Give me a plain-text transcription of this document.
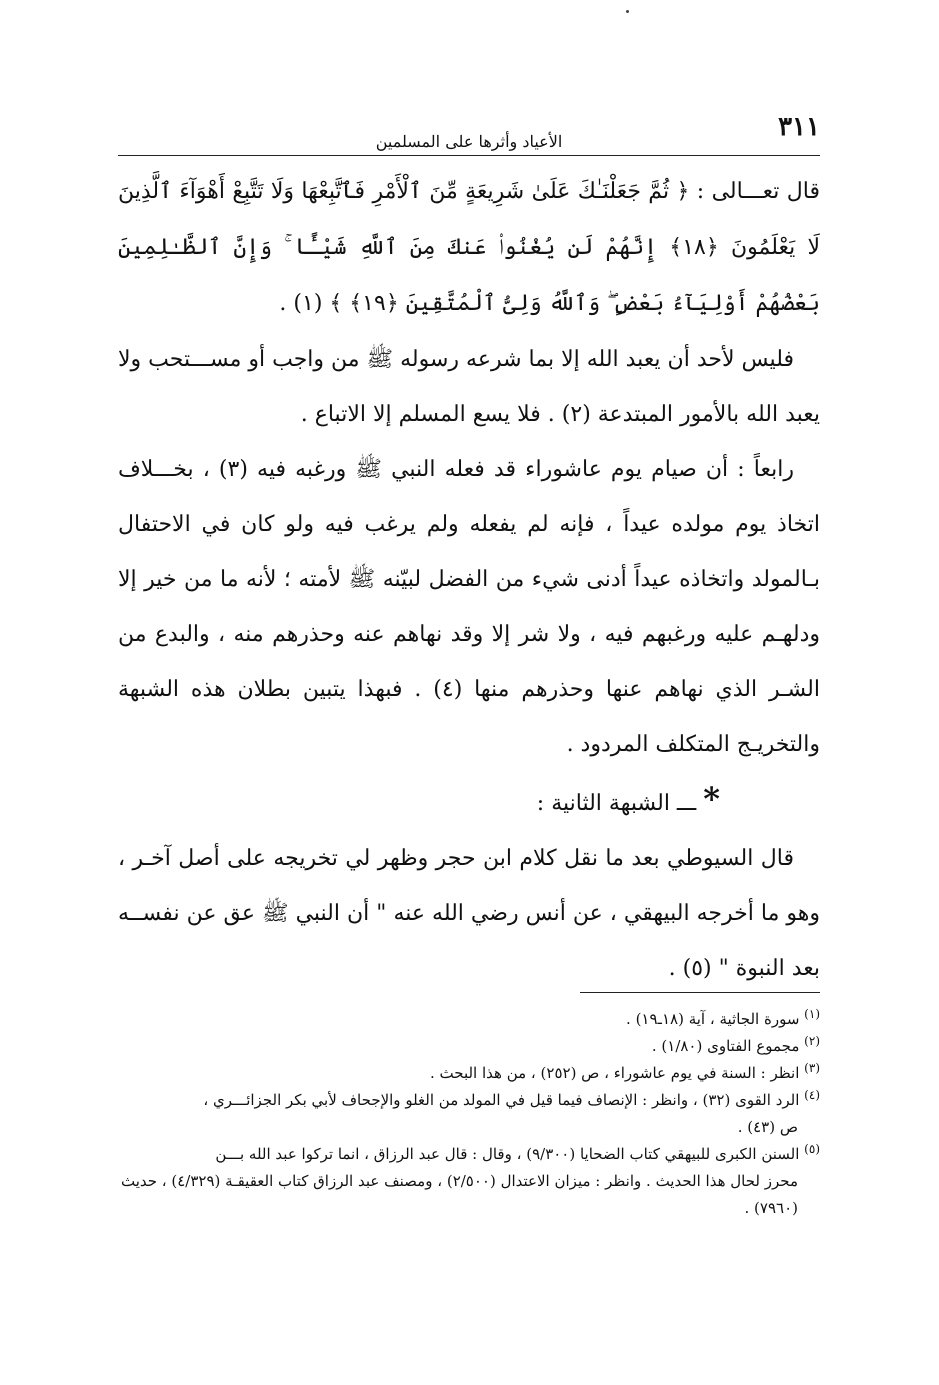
٣١١
الأعياد وأثرها على المسلمين

قال تعـــالى : ﴿ ثُمَّ جَعَلْنَـٰكَ عَلَىٰ شَرِيعَةٍ مِّنَ ٱلْأَمْرِ فَٱتَّبِعْهَا وَلَا تَتَّبِعْ أَهْوَآءَ ٱلَّذِينَ لَا يَعْلَمُونَ ﴿١٨﴾ إِنَّهُمْ لَن يُغْنُوا۟ عَنكَ مِنَ ٱللَّهِ شَيْـًٔا ۚ وَإِنَّ ٱلظَّـٰلِمِينَ بَعْضُهُمْ أَوْلِيَآءُ بَعْضٍ ۖ وَٱللَّهُ وَلِىُّ ٱلْمُتَّقِينَ ﴿١٩﴾ ﴾ (١) .

فليس لأحد أن يعبد الله إلا بما شرعه رسوله ﷺ من واجب أو مســـتحب ولا يعبد الله بالأمور المبتدعة (٢) . فلا يسع المسلم إلا الاتباع .

رابعاً : أن صيام يوم عاشوراء قد فعله النبي ﷺ ورغبه فيه (٣) ، بخـــلاف اتخاذ يوم مولده عيداً ، فإنه لم يفعله ولم يرغب فيه ولو كان في الاحتفال بـالمولد واتخاذه عيداً أدنى شيء من الفضل لبيّنه ﷺ لأمته ؛ لأنه ما من خير إلا ودلهـم عليه ورغبهم فيه ، ولا شر إلا وقد نهاهم عنه وحذرهم منه ، والبدع من الشـر الذي نهاهم عنها وحذرهم منها (٤) . فبهذا يتبين بطلان هذه الشبهة والتخريـج المتكلف المردود .

* ـــ الشبهة الثانية :

قال السيوطي بعد ما نقل كلام ابن حجر وظهر لي تخريجه على أصل آخـر ، وهو ما أخرجه البيهقي ، عن أنس رضي الله عنه " أن النبي ﷺ عق عن نفســه بعد النبوة " (٥) .

$^{(١)}$ سورة الجاثية ، آية (١٨ـ١٩) .

$^{(٢)}$ مجموع الفتاوى (١/٨٠) .

$^{(٣)}$ انظر : السنة في يوم عاشوراء ، ص (٢٥٢) ، من هذا البحث .

$^{(٤)}$ الرد القوى (٣٢) ، وانظر : الإنصاف فيما قيل في المولد من الغلو والإجحاف لأبي بكر الجزائـــري ،

ص (٤٣) .

$^{(٥)}$ السنن الكبرى للبيهقي كتاب الضحايا (٩/٣٠٠) ، وقال : قال عبد الرزاق ، انما تركوا عبد الله بـــن

محرز لحال هذا الحديث . وانظر : ميزان الاعتدال (٢/٥٠٠) ، ومصنف عبد الرزاق كتاب العقيقـة (٤/٣٢٩) ، حديث (٧٩٦٠) .
